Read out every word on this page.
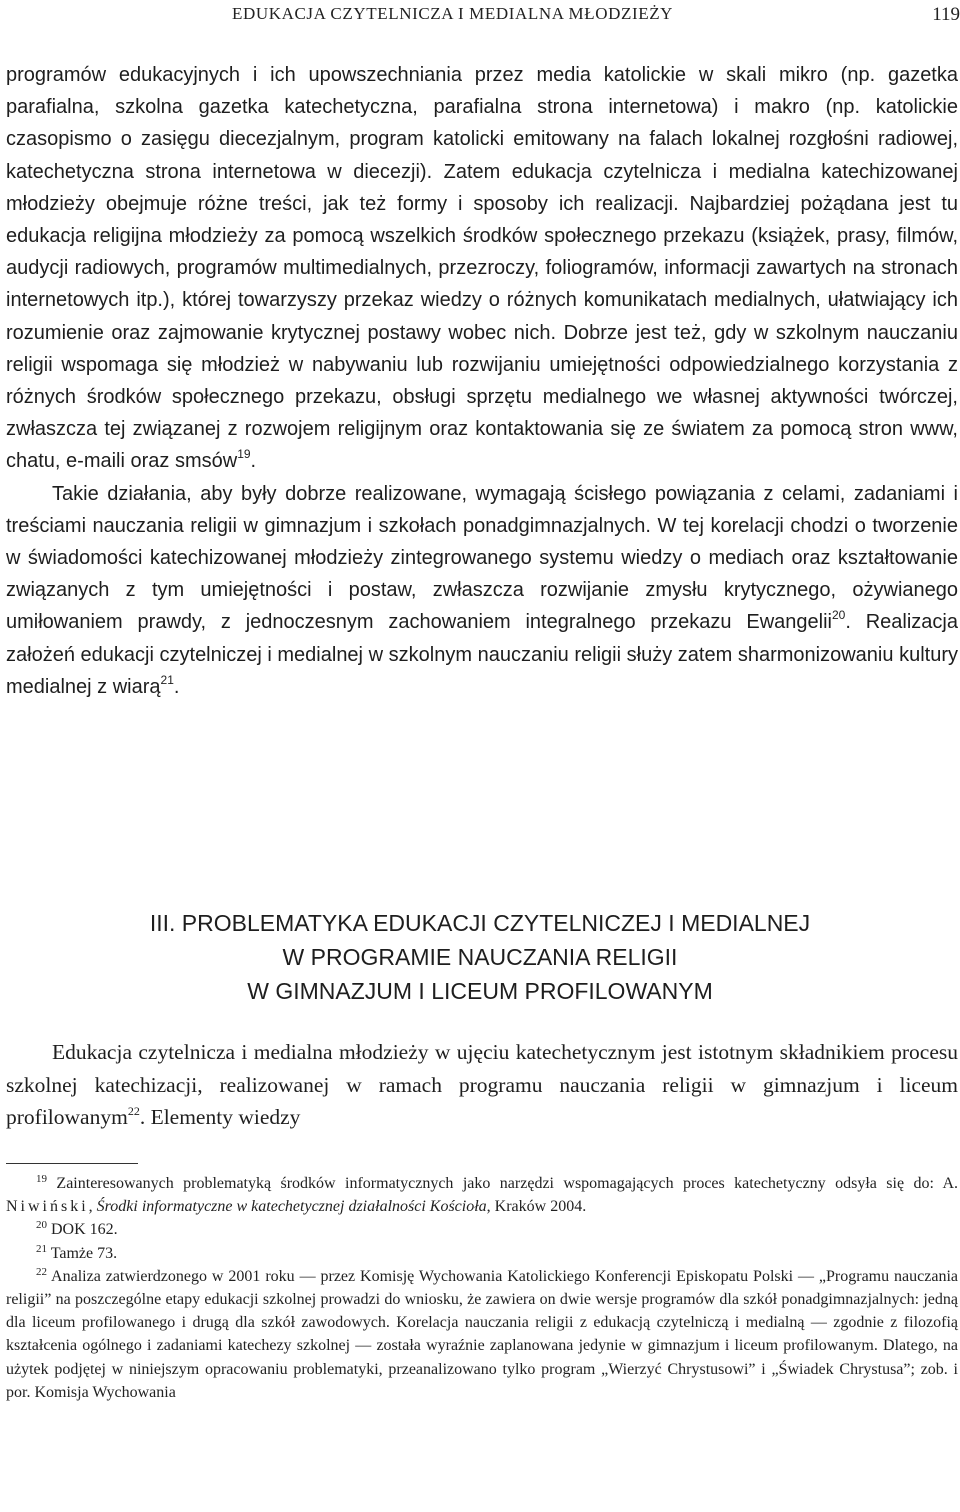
EDUKACJA CZYTELNICZA I MEDIALNA MŁODZIEŻY	119

programów edukacyjnych i ich upowszechniania przez media katolickie w skali mikro (np. gazetka parafialna, szkolna gazetka katechetyczna, parafialna strona internetowa) i makro (np. katolickie czasopismo o zasięgu diecezjalnym, program katolicki emitowany na falach lokalnej rozgłośni radiowej, katechetyczna strona internetowa w diecezji). Zatem edukacja czytelnicza i medialna katechizowanej młodzieży obejmuje różne treści, jak też formy i sposoby ich realizacji. Najbardziej pożądana jest tu edukacja religijna młodzieży za pomocą wszelkich środków społecznego przekazu (książek, prasy, filmów, audycji radiowych, programów multimedialnych, przezroczy, foliogramów, informacji zawartych na stronach internetowych itp.), której towarzyszy przekaz wiedzy o różnych komunikatach medialnych, ułatwiający ich rozumienie oraz zajmowanie krytycznej postawy wobec nich. Dobrze jest też, gdy w szkolnym nauczaniu religii wspomaga się młodzież w nabywaniu lub rozwijaniu umiejętności odpowiedzialnego korzystania z różnych środków społecznego przekazu, obsługi sprzętu medialnego we własnej aktywności twórczej, zwłaszcza tej związanej z rozwojem religijnym oraz kontaktowania się ze światem za pomocą stron www, chatu, e-maili oraz smsów$^{19}$.

Takie działania, aby były dobrze realizowane, wymagają ścisłego powiązania z celami, zadaniami i treściami nauczania religii w gimnazjum i szkołach ponadgimnazjalnych. W tej korelacji chodzi o tworzenie w świadomości katechizowanej młodzieży zintegrowanego systemu wiedzy o mediach oraz kształtowanie związanych z tym umiejętności i postaw, zwłaszcza rozwijanie zmysłu krytycznego, ożywianego umiłowaniem prawdy, z jednoczesnym zachowaniem integralnego przekazu Ewangelii$^{20}$. Realizacja założeń edukacji czytelniczej i medialnej w szkolnym nauczaniu religii służy zatem sharmonizowaniu kultury medialnej z wiarą$^{21}$.

III. PROBLEMATYKA EDUKACJI CZYTELNICZEJ I MEDIALNEJ
W PROGRAMIE NAUCZANIA RELIGII
W GIMNAZJUM I LICEUM PROFILOWANYM

Edukacja czytelnicza i medialna młodzieży w ujęciu katechetycznym jest istotnym składnikiem procesu szkolnej katechizacji, realizowanej w ramach programu nauczania religii w gimnazjum i liceum profilowanym$^{22}$. Elementy wiedzy

$^{19}$ Zainteresowanych problematyką środków informatycznych jako narzędzi wspomagających proces katechetyczny odsyła się do: A. Niwiński, Środki informatyczne w katechetycznej działalności Kościoła, Kraków 2004.

$^{20}$ DOK 162.

$^{21}$ Tamże 73.

$^{22}$ Analiza zatwierdzonego w 2001 roku — przez Komisję Wychowania Katolickiego Konferencji Episkopatu Polski — „Programu nauczania religii” na poszczególne etapy edukacji szkolnej prowadzi do wniosku, że zawiera on dwie wersje programów dla szkół ponadgimnazjalnych: jedną dla liceum profilowanego i drugą dla szkół zawodowych. Korelacja nauczania religii z edukacją czytelniczą i medialną — zgodnie z filozofią kształcenia ogólnego i zadaniami katechezy szkolnej — została wyraźnie zaplanowana jedynie w gimnazjum i liceum profilowanym. Dlatego, na użytek podjętej w niniejszym opracowaniu problematyki, przeanalizowano tylko program „Wierzyć Chrystusowi” i „Świadek Chrystusa”; zob. i por. Komisja Wychowania
